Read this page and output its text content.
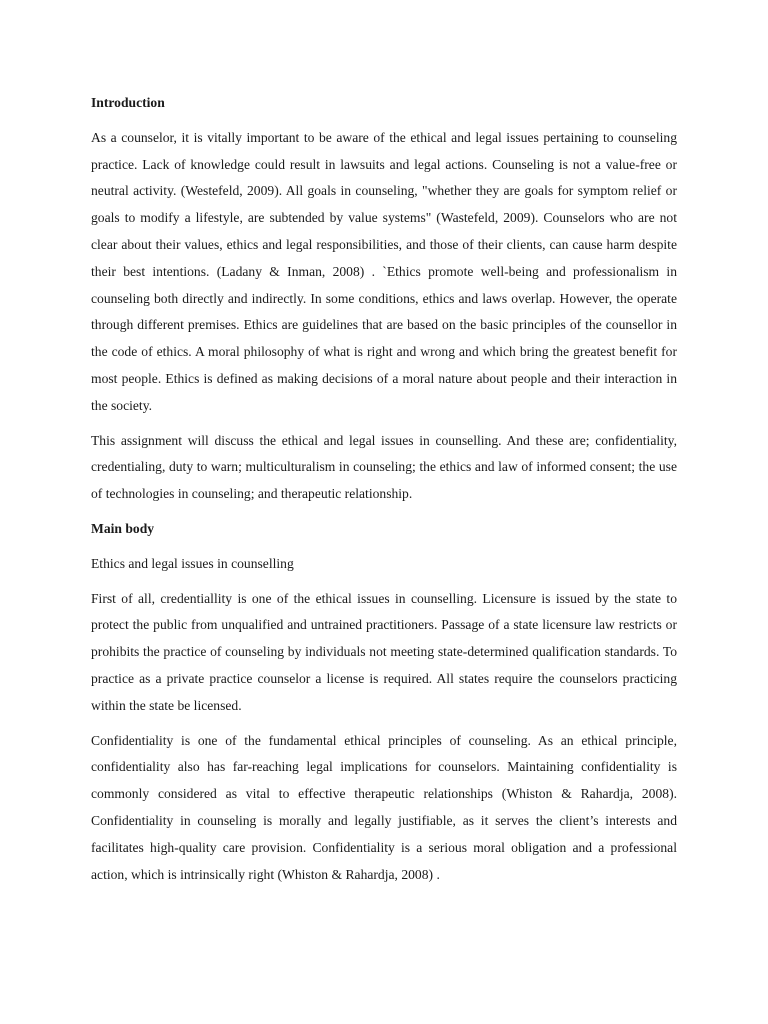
Introduction

As a counselor, it is vitally important to be aware of the ethical and legal issues pertaining to counseling practice. Lack of knowledge could result in lawsuits and legal actions. Counseling is not a value-free or neutral activity. (Westefeld, 2009). All goals in counseling, "whether they are goals for symptom relief or goals to modify a lifestyle, are subtended by value systems" (Wastefeld, 2009). Counselors who are not clear about their values, ethics and legal responsibilities, and those of their clients, can cause harm despite their best intentions. (Ladany & Inman, 2008) . `Ethics promote well-being and professionalism in counseling both directly and indirectly. In some conditions, ethics and laws overlap. However, the operate through different premises. Ethics are guidelines that are based on the basic principles of the counsellor in the code of ethics. A moral philosophy of what is right and wrong and which bring the greatest benefit for most people. Ethics is defined as making decisions of a moral nature about people and their interaction in the society.

This assignment will discuss the ethical and legal issues in counselling. And these are; confidentiality, credentialing, duty to warn; multiculturalism in counseling; the ethics and law of informed consent; the use of technologies in counseling; and therapeutic relationship.

Main body
Ethics and legal issues in counselling

First of all, credentiallity is one of the ethical issues in counselling. Licensure is issued by the state to protect the public from unqualified and untrained practitioners. Passage of a state licensure law restricts or prohibits the practice of counseling by individuals not meeting state-determined qualification standards. To practice as a private practice counselor a license is required. All states require the counselors practicing within the state be licensed.

Confidentiality is one of the fundamental ethical principles of counseling. As an ethical principle, confidentiality also has far-reaching legal implications for counselors. Maintaining confidentiality is commonly considered as vital to effective therapeutic relationships (Whiston & Rahardja, 2008). Confidentiality in counseling is morally and legally justifiable, as it serves the client’s interests and facilitates high-quality care provision. Confidentiality is a serious moral obligation and a professional action, which is intrinsically right (Whiston & Rahardja, 2008) .
